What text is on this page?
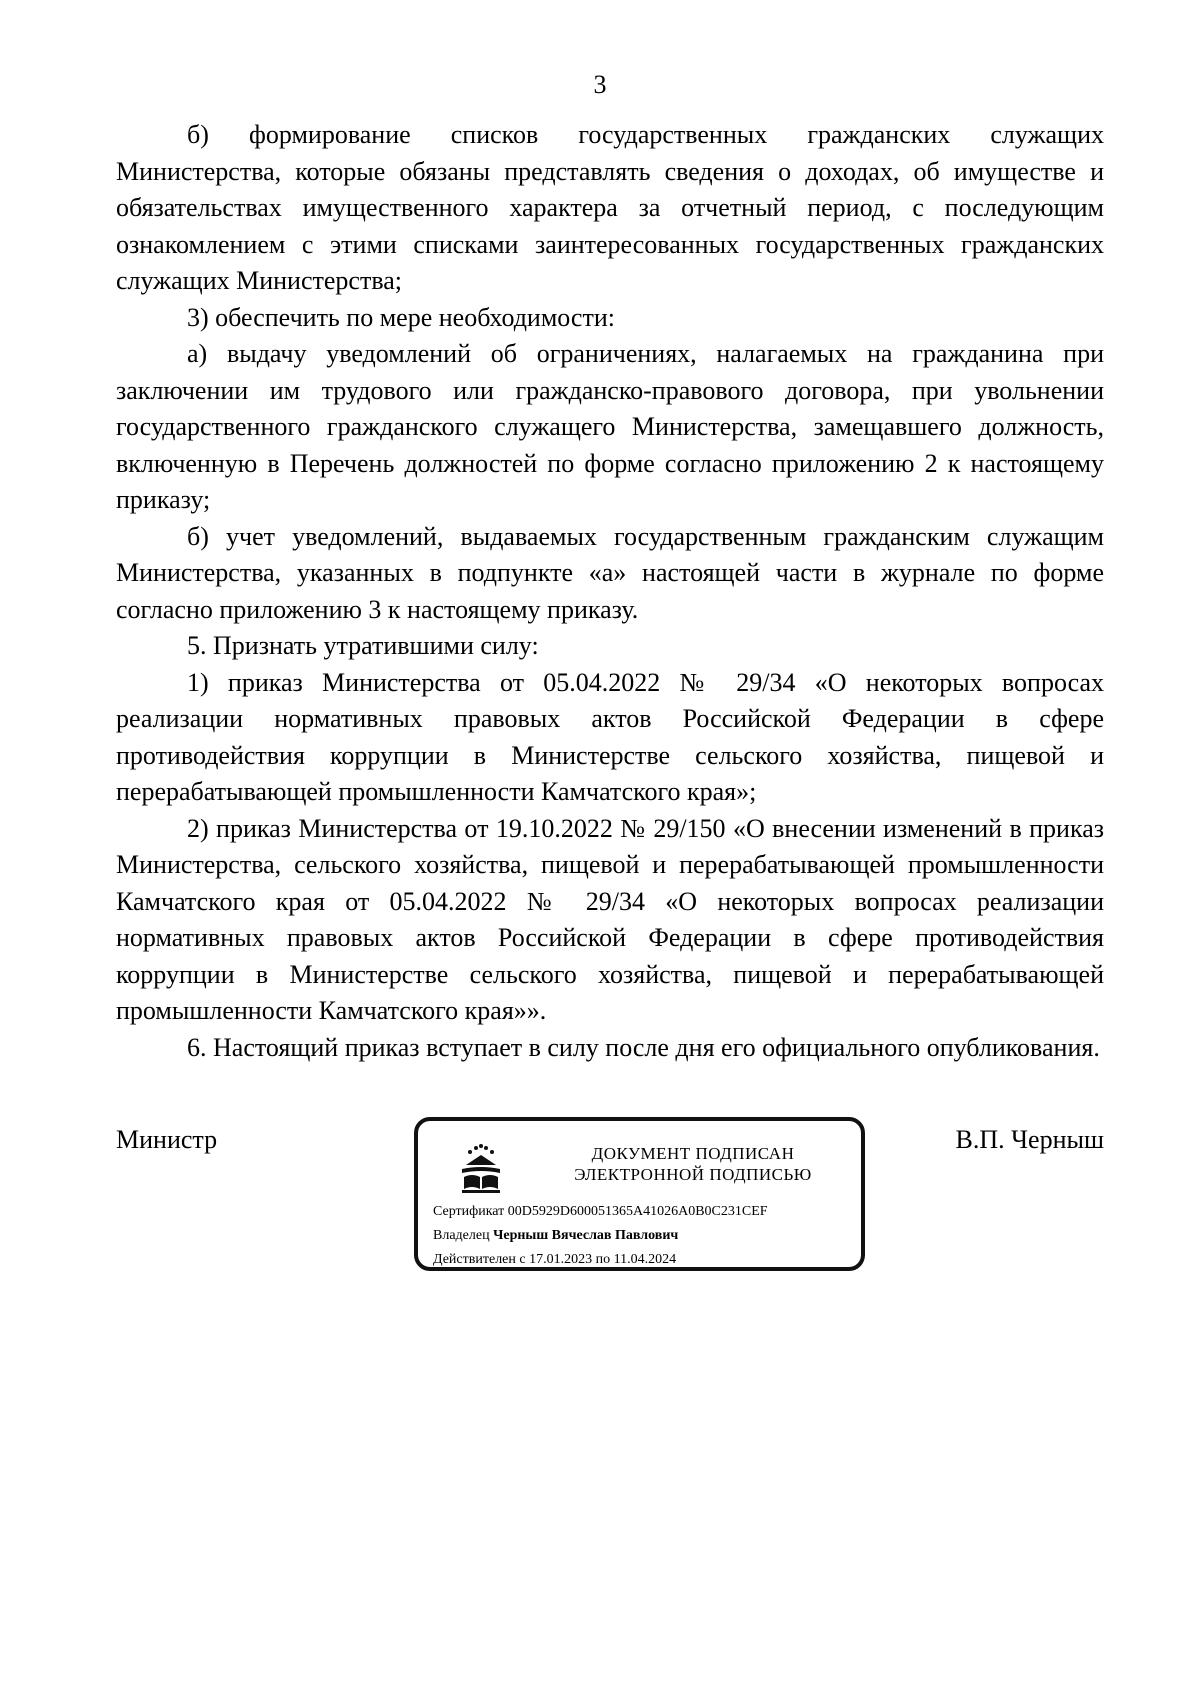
3

б) формирование списков государственных гражданских служащих Министерства, которые обязаны представлять сведения о доходах, об имуществе и обязательствах имущественного характера за отчетный период, с последующим ознакомлением с этими списками заинтересованных государственных гражданских служащих Министерства;

3) обеспечить по мере необходимости:

а) выдачу уведомлений об ограничениях, налагаемых на гражданина при заключении им трудового или гражданско-правового договора, при увольнении государственного гражданского служащего Министерства, замещавшего должность, включенную в Перечень должностей по форме согласно приложению 2 к настоящему приказу;

б) учет уведомлений, выдаваемых государственным гражданским служащим Министерства, указанных в подпункте «а» настоящей части в журнале по форме согласно приложению 3 к настоящему приказу.

5. Признать утратившими силу:

1) приказ Министерства от 05.04.2022 № 29/34 «О некоторых вопросах реализации нормативных правовых актов Российской Федерации в сфере противодействия коррупции в Министерстве сельского хозяйства, пищевой и перерабатывающей промышленности Камчатского края»;

2) приказ Министерства от 19.10.2022 № 29/150 «О внесении изменений в приказ Министерства, сельского хозяйства, пищевой и перерабатывающей промышленности Камчатского края от 05.04.2022 № 29/34 «О некоторых вопросах реализации нормативных правовых актов Российской Федерации в сфере противодействия коррупции в Министерстве сельского хозяйства, пищевой и перерабатывающей промышленности Камчатского края»».

6. Настоящий приказ вступает в силу после дня его официального опубликования.

Министр	ДОКУМЕНТ ПОДПИСАН
ЭЛЕКТРОННОЙ ПОДПИСЬЮ
Сертификат 00D5929D600051365A41026A0B0C231CEF
Владелец Черныш Вячеслав Павлович
Действителен с 17.01.2023 по 11.04.2024
В.П. Черныш
